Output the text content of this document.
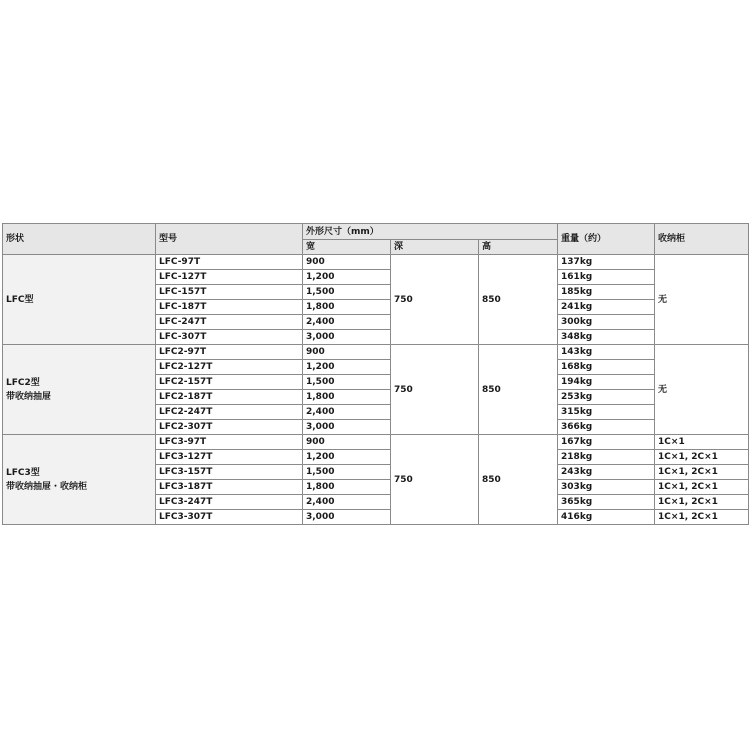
形状	型号	外形尺寸（mm）			重量（约）	收纳柜
		宽	深	高		

LFC型	LFC-97T	900	750	850	137kg	无
	LFC-127T	1,200			161kg	
	LFC-157T	1,500			185kg	
	LFC-187T	1,800			241kg	
	LFC-247T	2,400			300kg	
	LFC-307T	3,000			348kg	

LFC2型
带收纳抽屉	LFC2-97T	900	750	850	143kg	无
	LFC2-127T	1,200			168kg	
	LFC2-157T	1,500			194kg	
	LFC2-187T	1,800			253kg	
	LFC2-247T	2,400			315kg	
	LFC2-307T	3,000			366kg	

LFC3型
带收纳抽屉・收纳柜	LFC3-97T	900	750	850	167kg	1C×1
	LFC3-127T	1,200			218kg	1C×1, 2C×1
	LFC3-157T	1,500			243kg	1C×1, 2C×1
	LFC3-187T	1,800			303kg	1C×1, 2C×1
	LFC3-247T	2,400			365kg	1C×1, 2C×1
	LFC3-307T	3,000			416kg	1C×1, 2C×1
